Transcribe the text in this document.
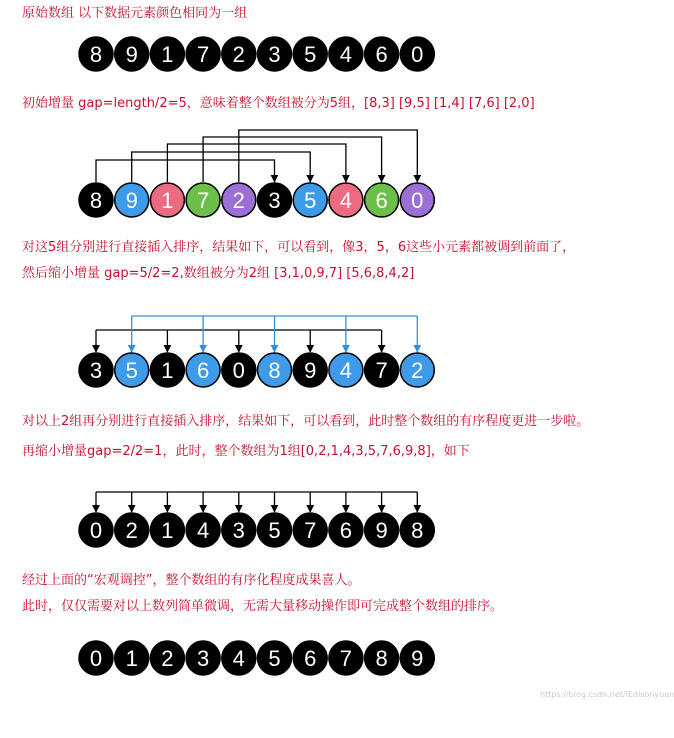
原始数组 以下数据元素颜色相同为一组
初始增量 gap=length/2=5，意味着整个数组被分为5组，[8,3] [9,5] [1,4] [7,6] [2,0]
对这5组分别进行直接插入排序，结果如下，可以看到，像3，5，6这些小元素都被调到前面了，
然后缩小增量 gap=5/2=2,数组被分为2组 [3,1,0,9,7] [5,6,8,4,2]
对以上2组再分别进行直接插入排序，结果如下，可以看到，此时整个数组的有序程度更进一步啦。
再缩小增量gap=2/2=1，此时，整个数组为1组[0,2,1,4,3,5,7,6,9,8]，如下
经过上面的“宏观调控”，整个数组的有序化程度成果喜人。
此时，仅仅需要对以上数列简单微调，无需大量移动操作即可完成整个数组的排序。
https://blog.csdn.net/IEdisonyuan
8 9 1 7 2 3 5 4 6 0
8 9 1 7 2 3 5 4 6 0
3 5 1 6 0 8 9 4 7 2
0 2 1 4 3 5 7 6 9 8
0 1 2 3 4 5 6 7 8 9
